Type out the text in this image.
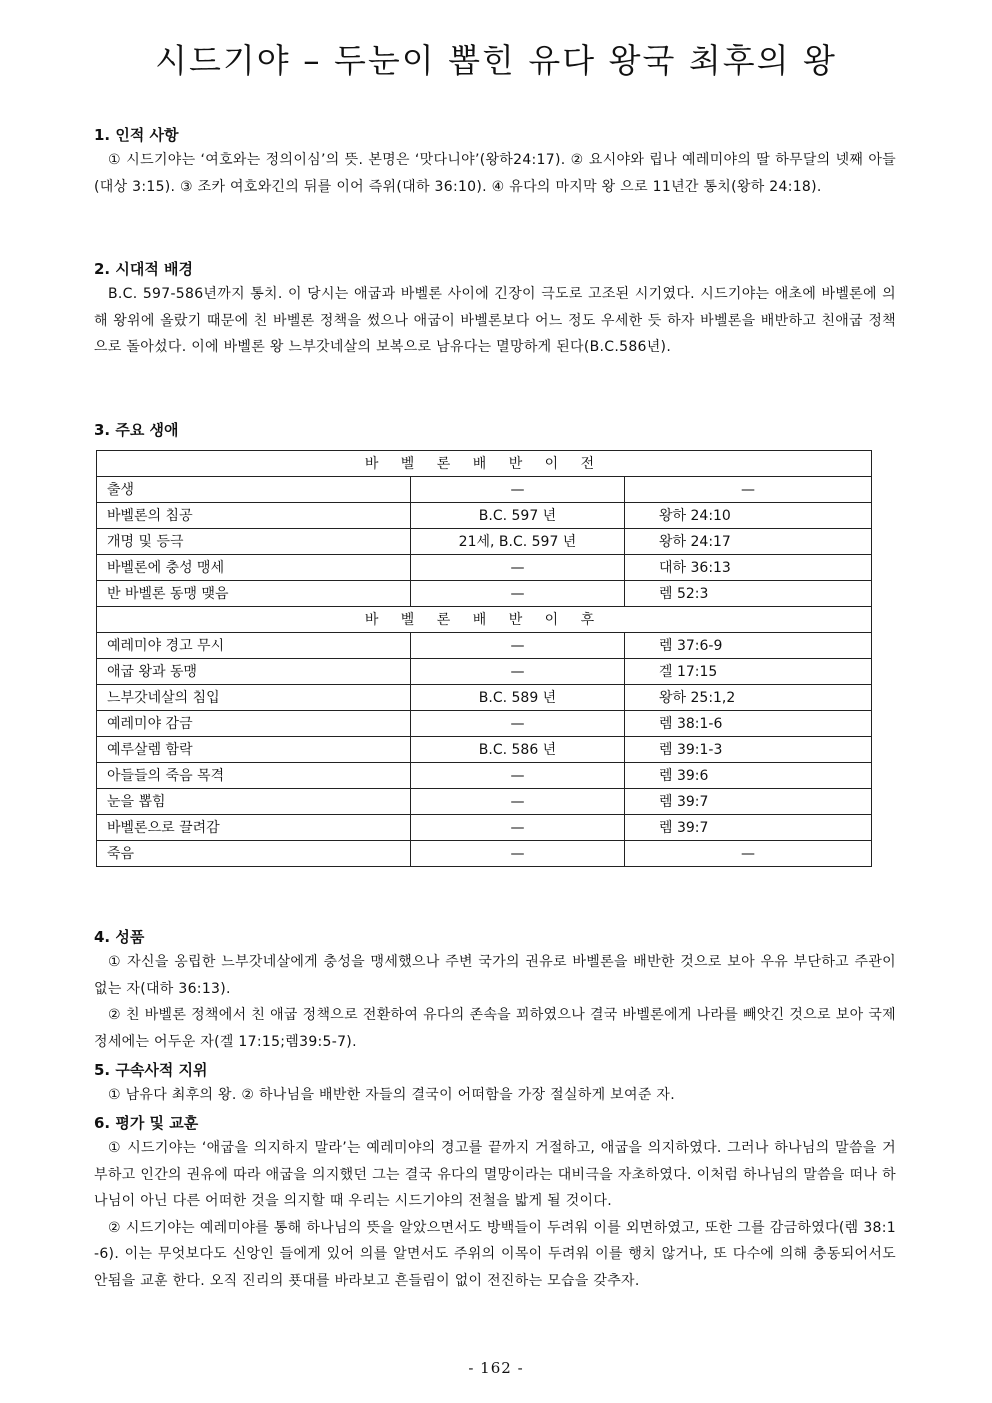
시드기야 – 두눈이 뽑힌 유다 왕국 최후의 왕
1. 인적 사항
① 시드기야는 ‘여호와는 정의이심’의 뜻. 본명은 ‘맛다니야’(왕하24:17). ② 요시야와 립나 예레미야의 딸 하무달의 넷째 아들(대상 3:15). ③ 조카 여호와긴의 뒤를 이어 즉위(대하 36:10). ④ 유다의 마지막 왕 으로 11년간 통치(왕하 24:18).
2. 시대적 배경
B.C. 597-586년까지 통치. 이 당시는 애굽과 바벨론 사이에 긴장이 극도로 고조된 시기였다. 시드기야는 애초에 바벨론에 의해 왕위에 올랐기 때문에 친 바벨론 정책을 썼으나 애굽이 바벨론보다 어느 정도 우세한 듯 하자 바벨론을 배반하고 친애굽 정책으로 돌아섰다. 이에 바벨론 왕 느부갓네살의 보복으로 남유다는 멸망하게 된다(B.C.586년).
3. 주요 생애
바 벨 론 배 반 이 전		
출생	—	—
바벨론의 침공	B.C. 597 년	왕하 24:10
개명 및 등극	21세, B.C. 597 년	왕하 24:17
바벨론에 충성 맹세	—	대하 36:13
반 바벨론 동맹 맺음	—	렘 52:3
바 벨 론 배 반 이 후		
예레미야 경고 무시	—	렘 37:6-9
애굽 왕과 동맹	—	겔 17:15
느부갓네살의 침입	B.C. 589 년	왕하 25:1,2
예레미야 감금	—	렘 38:1-6
예루살렘 함락	B.C. 586 년	렘 39:1-3
아들들의 죽음 목격	—	렘 39:6
눈을 뽑힘	—	렘 39:7
바벨론으로 끌려감	—	렘 39:7
죽음	—	—
4. 성품
① 자신을 옹립한 느부갓네살에게 충성을 맹세했으나 주변 국가의 권유로 바벨론을 배반한 것으로 보아 우유 부단하고 주관이 없는 자(대하 36:13).
② 친 바벨론 정책에서 친 애굽 정책으로 전환하여 유다의 존속을 꾀하였으나 결국 바벨론에게 나라를 빼앗긴 것으로 보아 국제 정세에는 어두운 자(겔 17:15;렘39:5-7).
5. 구속사적 지위
① 남유다 최후의 왕. ② 하나님을 배반한 자들의 결국이 어떠함을 가장 절실하게 보여준 자.
6. 평가 및 교훈
① 시드기야는 ‘애굽을 의지하지 말라’는 예레미야의 경고를 끝까지 거절하고, 애굽을 의지하였다. 그러나 하나님의 말씀을 거부하고 인간의 권유에 따라 애굽을 의지했던 그는 결국 유다의 멸망이라는 대비극을 자초하였다. 이처럼 하나님의 말씀을 떠나 하나님이 아닌 다른 어떠한 것을 의지할 때 우리는 시드기야의 전철을 밟게 될 것이다.
② 시드기야는 예레미야를 통해 하나님의 뜻을 알았으면서도 방백들이 두려워 이를 외면하였고, 또한 그를 감금하였다(렘 38:1-6). 이는 무엇보다도 신앙인 들에게 있어 의를 알면서도 주위의 이목이 두려워 이를 행치 않거나, 또 다수에 의해 충동되어서도 안됨을 교훈 한다. 오직 진리의 푯대를 바라보고 흔들림이 없이 전진하는 모습을 갖추자.
- 162 -
